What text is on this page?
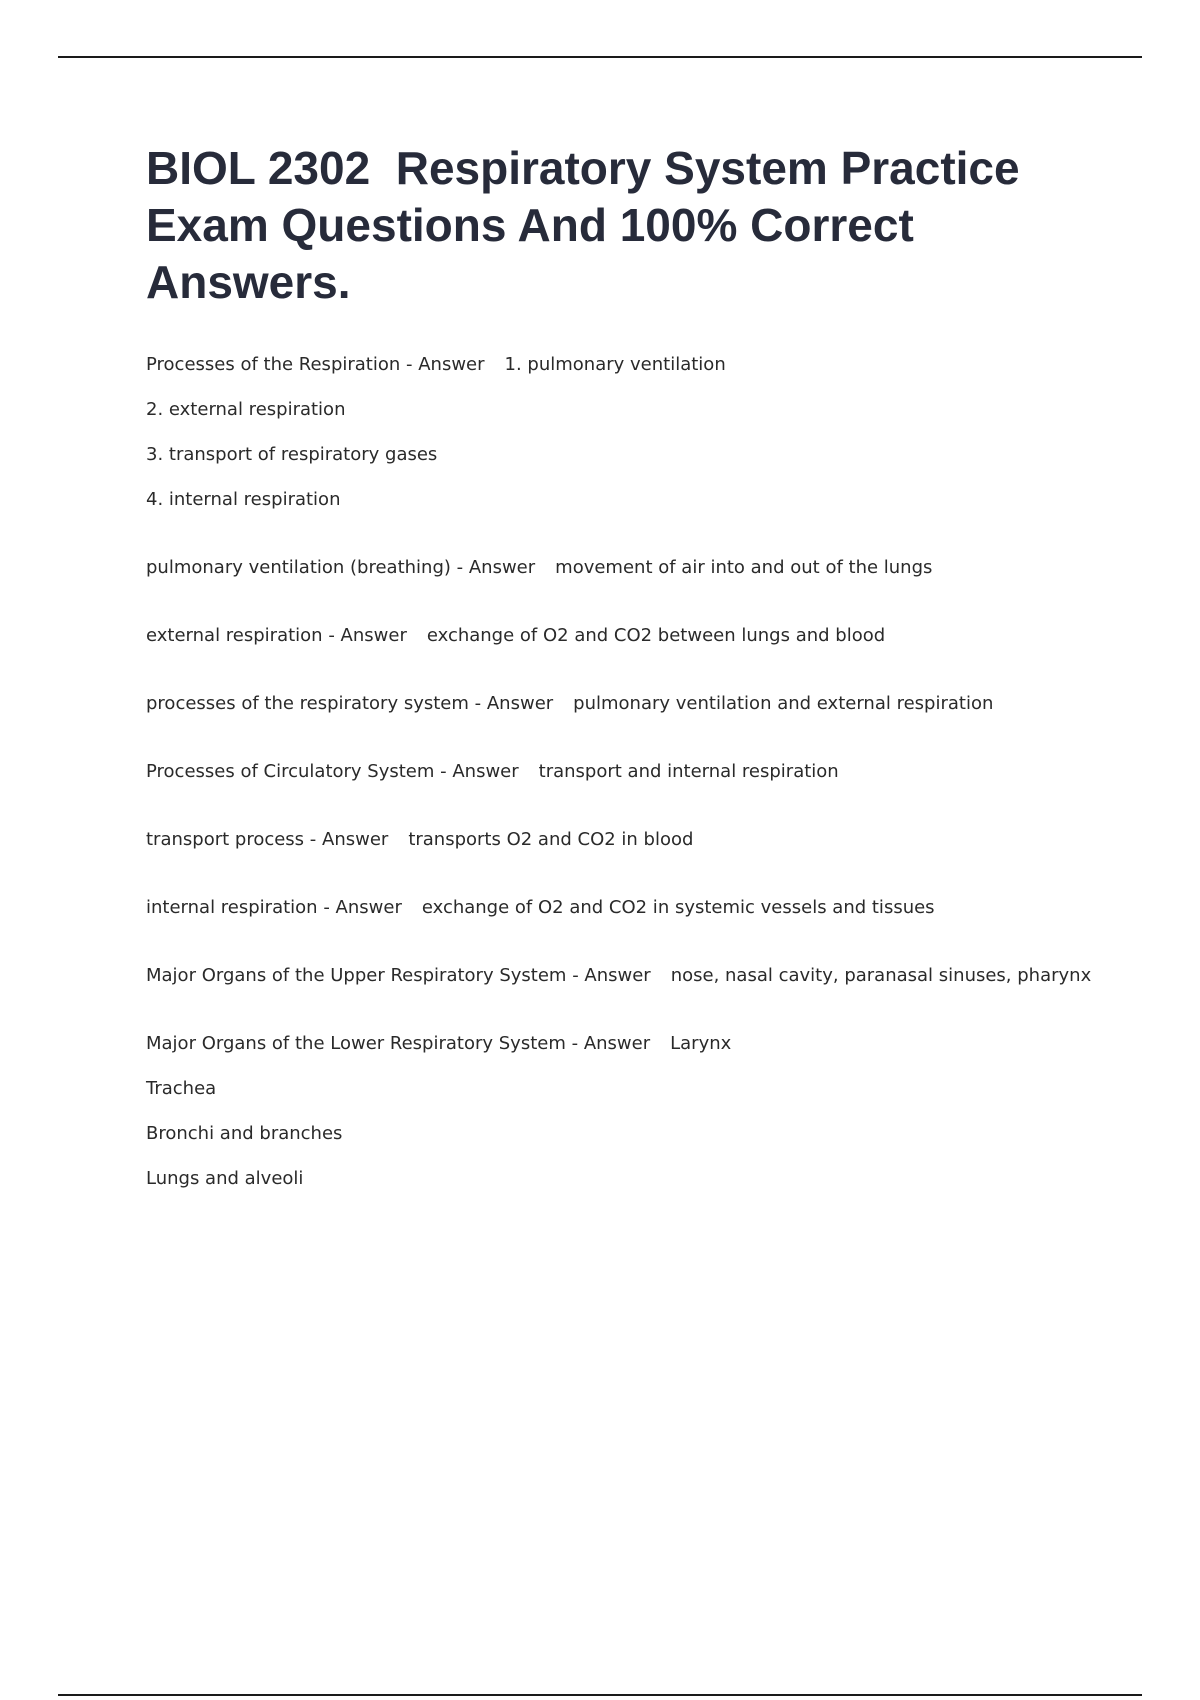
BIOL 2302  Respiratory System Practice Exam Questions And 100% Correct Answers.
Processes of the Respiration - Answer 1. pulmonary ventilation
2. external respiration
3. transport of respiratory gases
4. internal respiration
pulmonary ventilation (breathing) - Answer movement of air into and out of the lungs
external respiration - Answer exchange of O2 and CO2 between lungs and blood
processes of the respiratory system - Answer pulmonary ventilation and external respiration
Processes of Circulatory System - Answer transport and internal respiration
transport process - Answer transports O2 and CO2 in blood
internal respiration - Answer exchange of O2 and CO2 in systemic vessels and tissues
Major Organs of the Upper Respiratory System - Answer nose, nasal cavity, paranasal sinuses, pharynx
Major Organs of the Lower Respiratory System - Answer Larynx
Trachea
Bronchi and branches
Lungs and alveoli
